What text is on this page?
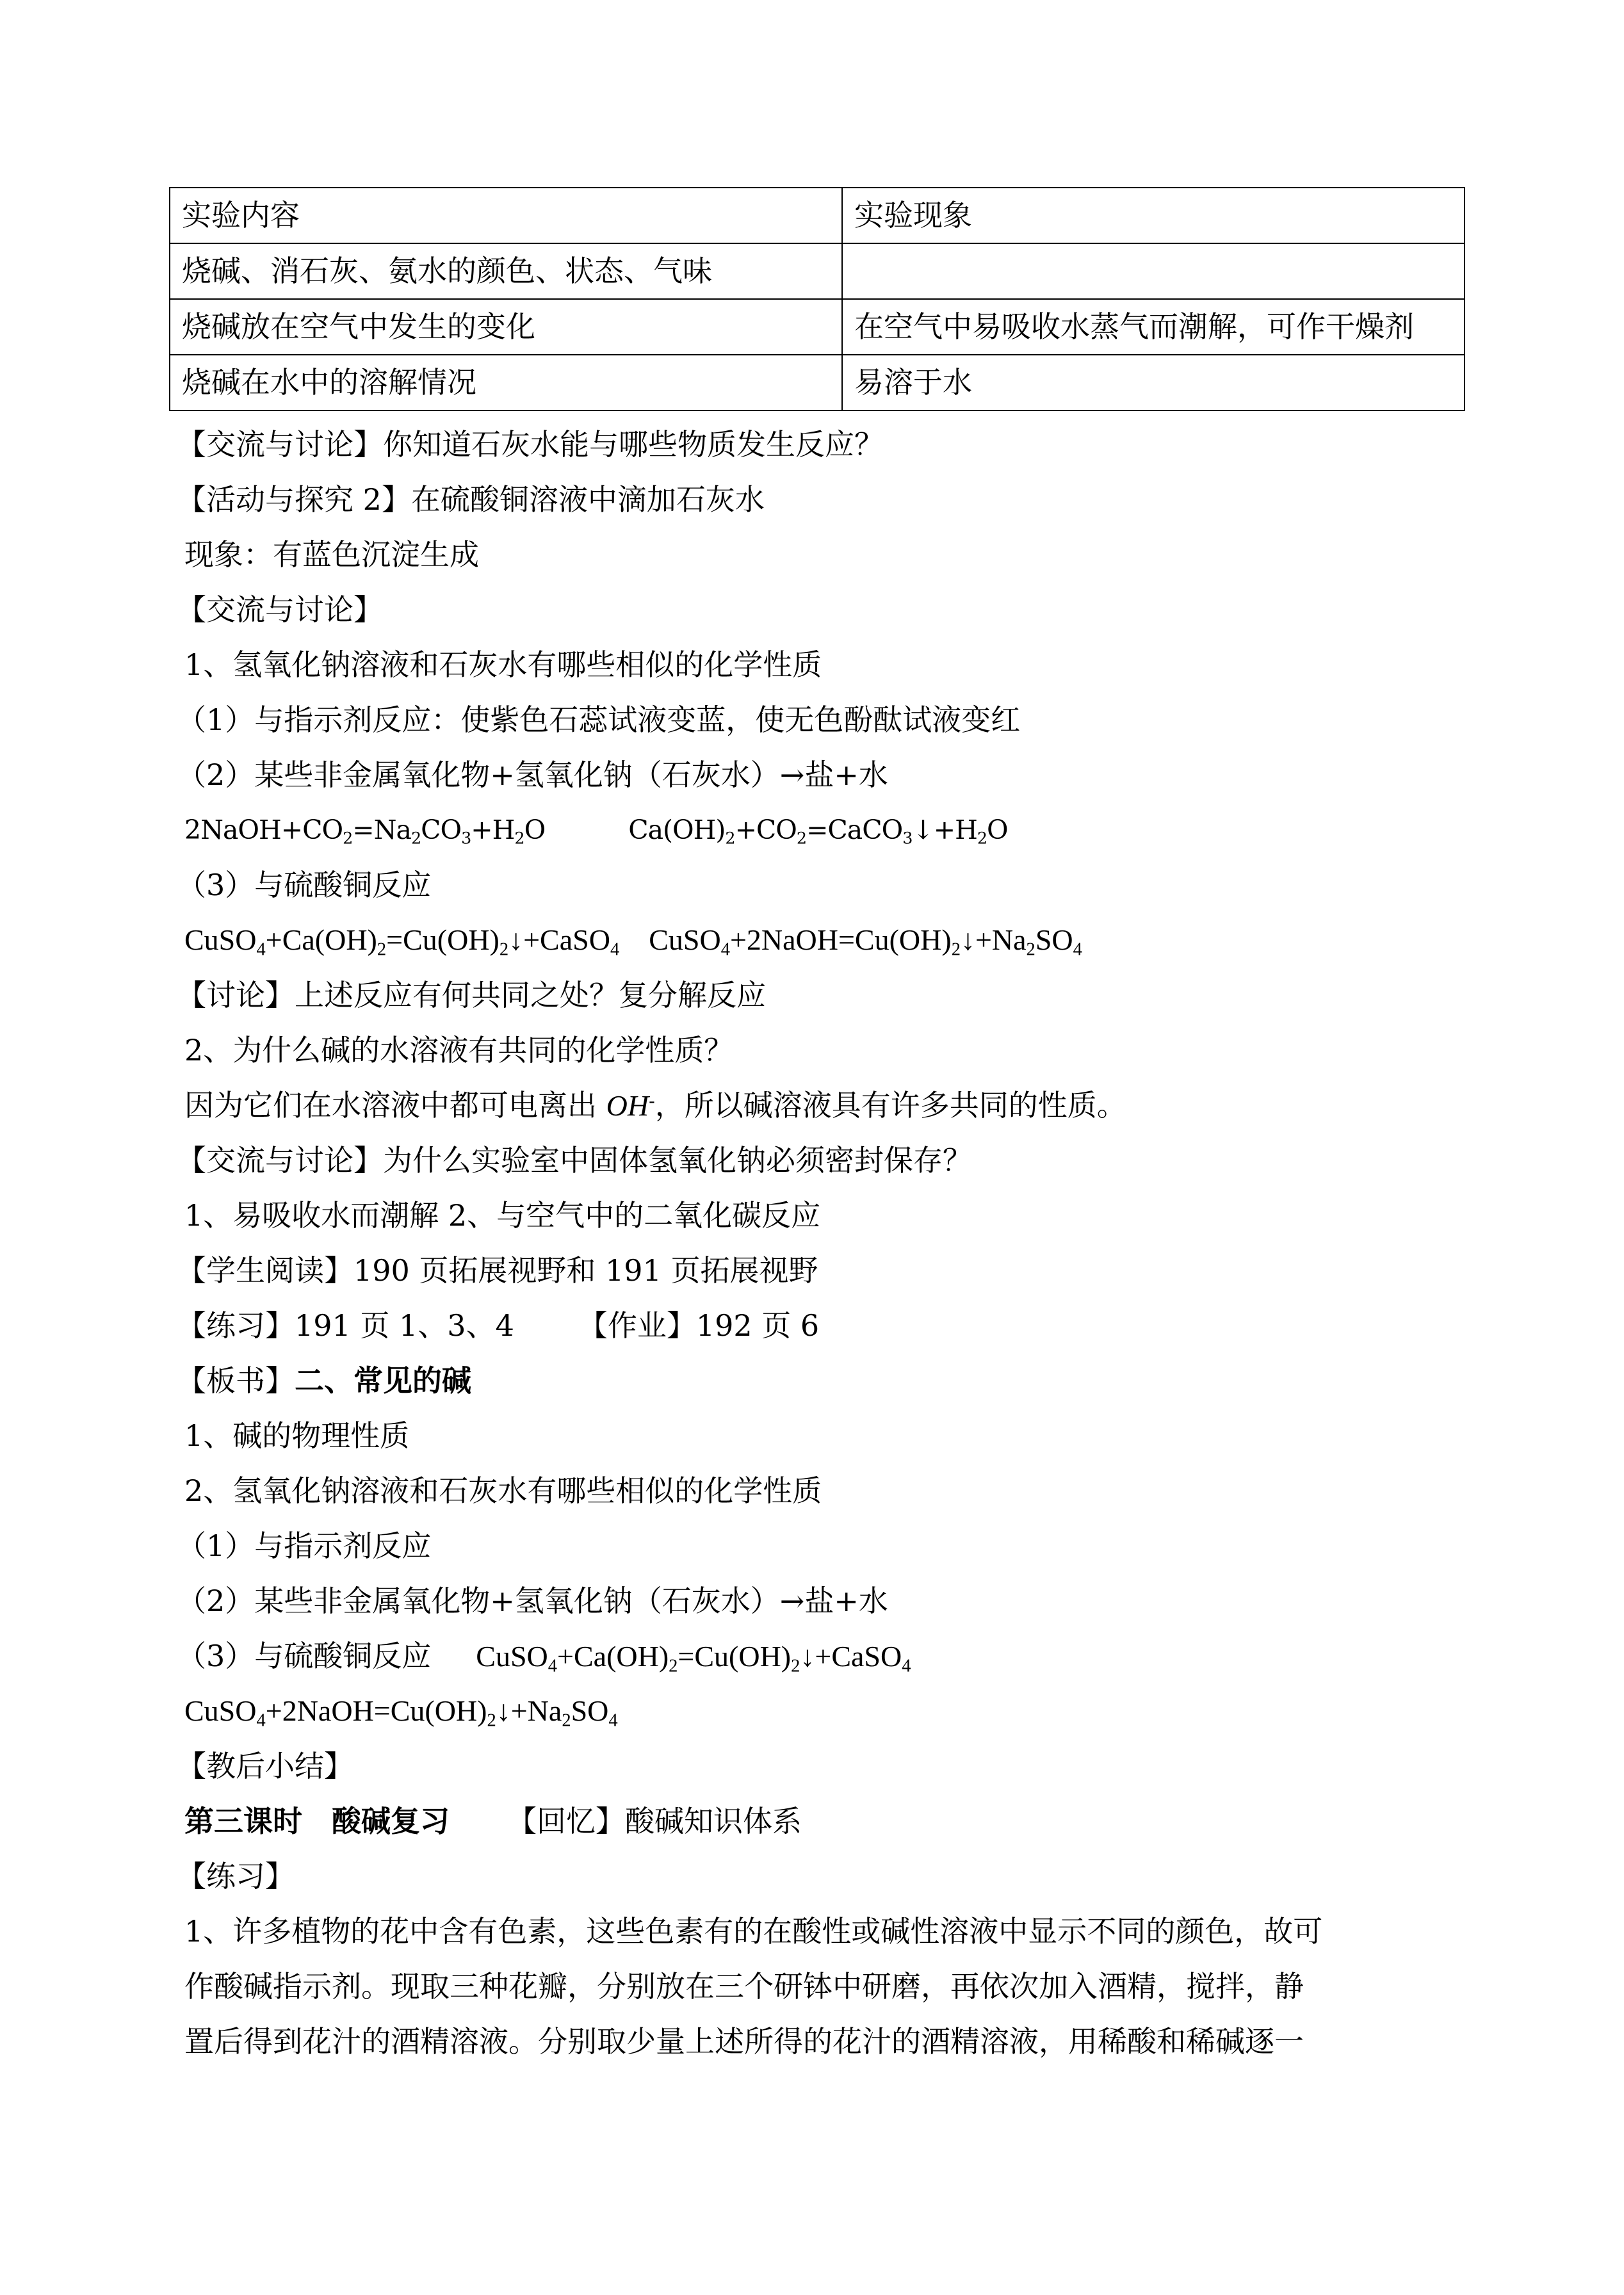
实验内容	实验现象
烧碱、消石灰、氨水的颜色、状态、气味	
烧碱放在空气中发生的变化	在空气中易吸收水蒸气而潮解，可作干燥剂
烧碱在水中的溶解情况	易溶于水
【交流与讨论】你知道石灰水能与哪些物质发生反应？
【活动与探究 2】在硫酸铜溶液中滴加石灰水
现象：有蓝色沉淀生成
【交流与讨论】
1、氢氧化钠溶液和石灰水有哪些相似的化学性质
（1）与指示剂反应：使紫色石蕊试液变蓝，使无色酚酞试液变红
（2）某些非金属氧化物+氢氧化钠（石灰水）→盐+水
$2NaOH+CO_2=Na_2CO_3+H_2O$	$Ca(OH)_2+CO_2=CaCO_3↓+H_2O$
（3）与硫酸铜反应
$CuSO_4+Ca(OH)_2=Cu(OH)_2↓+CaSO_4$ $CuSO_4+2NaOH=Cu(OH)_2↓+Na_2SO_4$
【讨论】上述反应有何共同之处？复分解反应
2、为什么碱的水溶液有共同的化学性质？
因为它们在水溶液中都可电离出 OH-，所以碱溶液具有许多共同的性质。
【交流与讨论】为什么实验室中固体氢氧化钠必须密封保存？
1、易吸收水而潮解 2、与空气中的二氧化碳反应
【学生阅读】190 页拓展视野和 191 页拓展视野
【练习】191 页 1、3、4 【作业】192 页 6
【板书】二、常见的碱
1、碱的物理性质
2、氢氧化钠溶液和石灰水有哪些相似的化学性质
（1）与指示剂反应
（2）某些非金属氧化物+氢氧化钠（石灰水）→盐+水
（3）与硫酸铜反应 $CuSO_4+Ca(OH)_2=Cu(OH)_2↓+CaSO_4$
$CuSO_4+2NaOH=Cu(OH)_2↓+Na_2SO_4$
【教后小结】
第三课时　酸碱复习 【回忆】酸碱知识体系
【练习】
1、许多植物的花中含有色素，这些色素有的在酸性或碱性溶液中显示不同的颜色，故可
作酸碱指示剂。现取三种花瓣，分别放在三个研钵中研磨，再依次加入酒精，搅拌，静
置后得到花汁的酒精溶液。分别取少量上述所得的花汁的酒精溶液，用稀酸和稀碱逐一
